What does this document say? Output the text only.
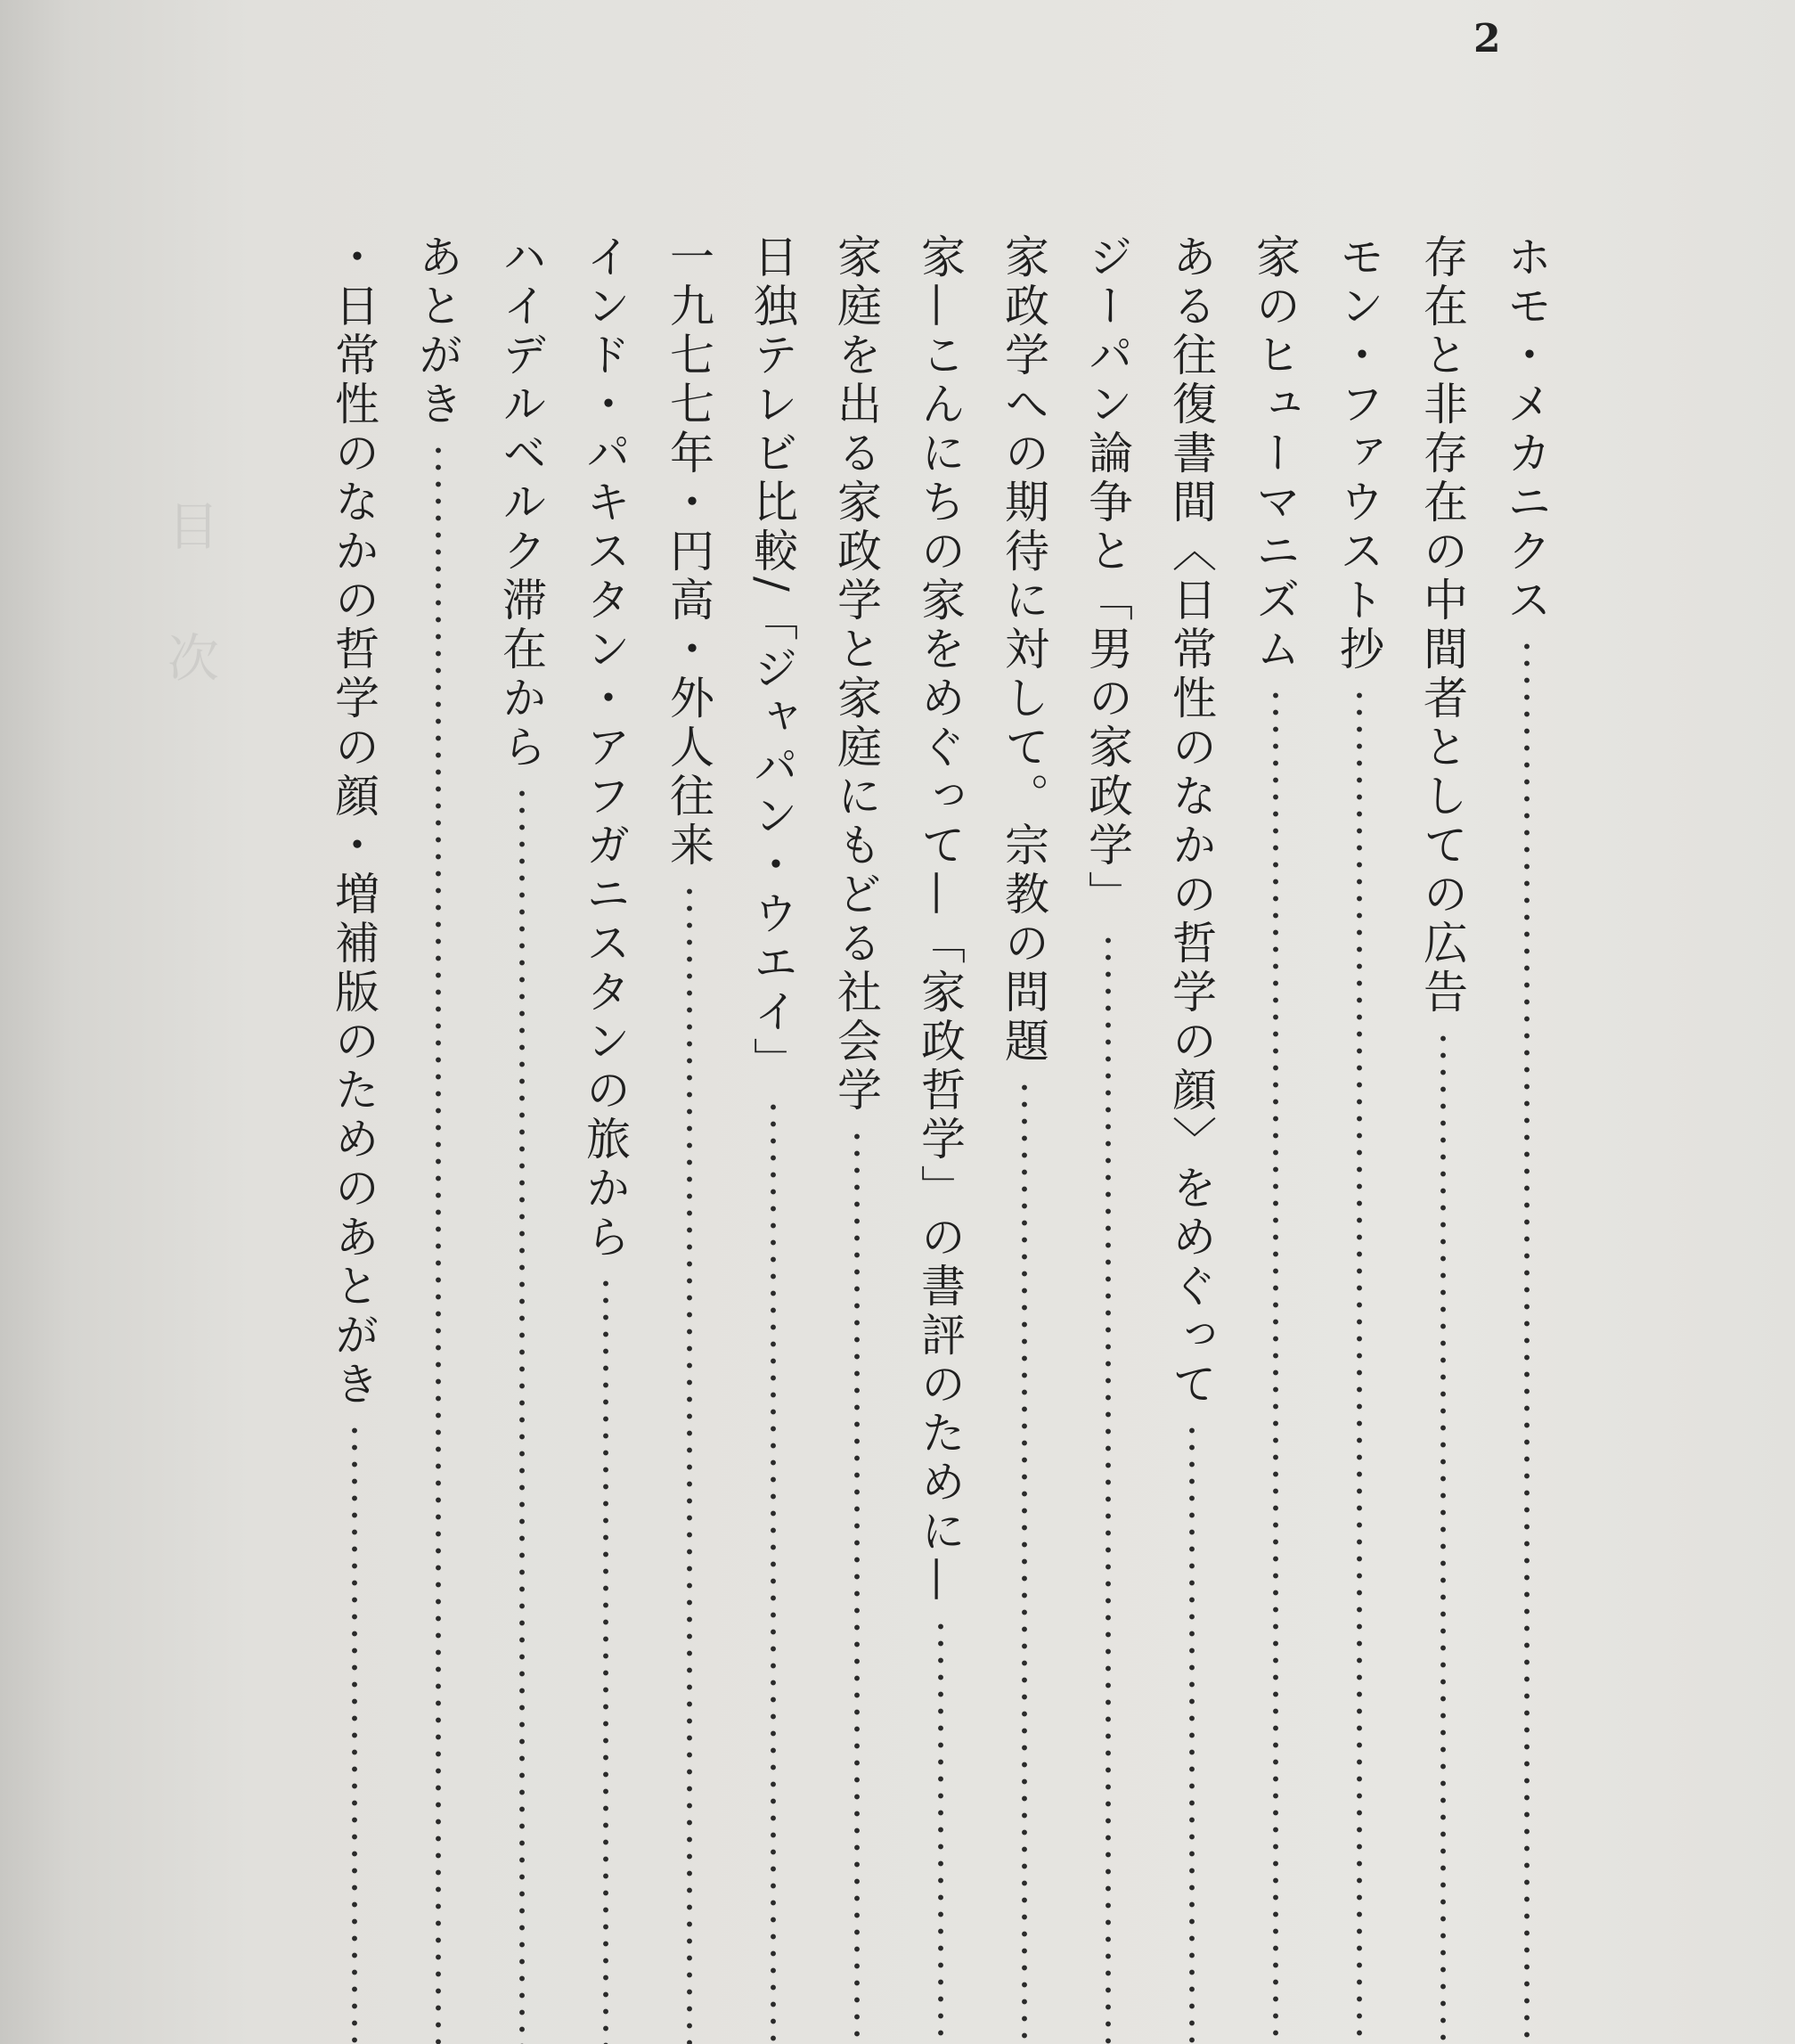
2
目次
ホモ・メカニクス
存在と非存在の中間者としての広告
モン・ファウスト抄
家のヒューマニズム
ある往復書間〈日常性のなかの哲学の顔〉をめぐって
ジーパン論争と「男の家政学」
家政学への期待に対して。宗教の問題
家—こんにちの家をめぐって—「家政哲学」の書評のために—
家庭を出る家政学と家庭にもどる社会学
日独テレビ比較/「ジャパン・ウエイ」
一九七七年・円高・外人往来
インド・パキスタン・アフガニスタンの旅から
ハイデルベルク滞在から
あとがき
・日常性のなかの哲学の顔・増補版のためのあとがき
